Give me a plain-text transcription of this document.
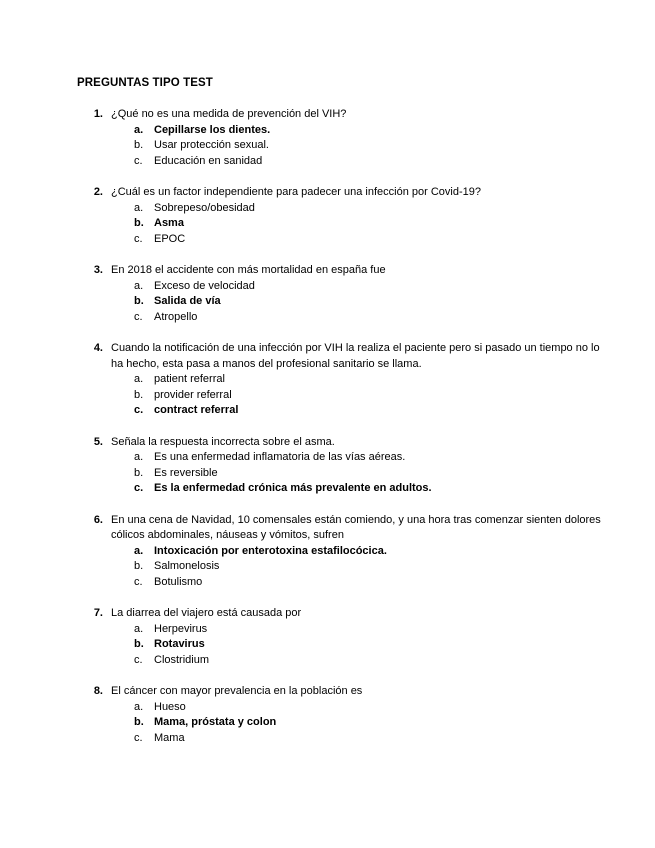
PREGUNTAS TIPO TEST
1. ¿Qué no es una medida de prevención del VIH?
a. Cepillarse los dientes.
b. Usar protección sexual.
c.	Educación en sanidad
2. ¿Cuál es un factor independiente para padecer una infección por Covid-19?
a. Sobrepeso/obesidad
b. Asma
c.	EPOC
3. En 2018 el accidente con más mortalidad en españa fue
a. Exceso de velocidad
b. Salida de vía
c.	Atropello
4. Cuando la notificación de una infección por VIH la realiza el paciente pero si pasado un tiempo no lo ha hecho, esta pasa a manos del profesional sanitario se llama.
a. patient referral
b. provider referral
c. contract referral
5. Señala la respuesta incorrecta sobre el asma.
a. Es una enfermedad inflamatoria de las vías aéreas.
b. Es reversible
c. Es la enfermedad crónica más prevalente en adultos.
6. En una cena de Navidad, 10 comensales están comiendo, y una hora tras comenzar sienten dolores cólicos abdominales, náuseas y vómitos, sufren
a. Intoxicación por enterotoxina estafilocócica.
b. Salmonelosis
c.	Botulismo
7. La diarrea del viajero está causada por
a. Herpevirus
b. Rotavirus
c.	Clostridium
8. El cáncer con mayor prevalencia en la población es
a. Hueso
b. Mama, próstata y colon
c.	Mama
